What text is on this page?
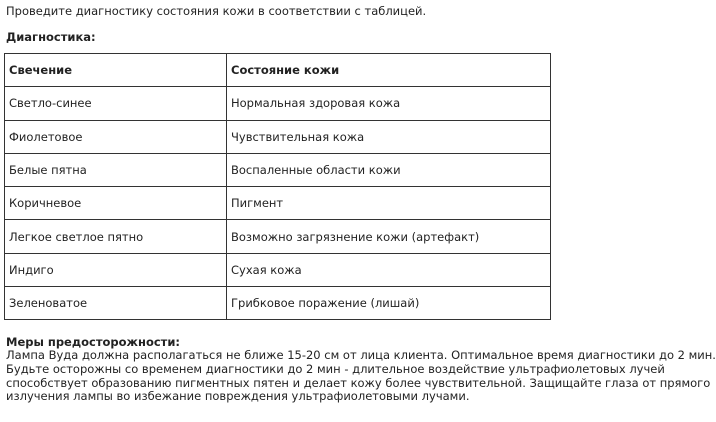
Проведите диагностику состояния кожи в соответствии с таблицей.
Диагностика:
Свечение	Состояние кожи
Светло-синее	Нормальная здоровая кожа
Фиолетовое	Чувствительная кожа
Белые пятна	Воспаленные области кожи
Коричневое	Пигмент
Легкое светлое пятно	Возможно загрязнение кожи (артефакт)
Индиго	Сухая кожа
Зеленоватое	Грибковое поражение (лишай)
Меры предосторожности:
Лампа Вуда должна располагаться не ближе 15-20 см от лица клиента. Оптимальное время диагностики до 2 мин.
Будьте осторожны со временем диагностики до 2 мин - длительное воздействие ультрафиолетовых лучей
способствует образованию пигментных пятен и делает кожу более чувствительной. Защищайте глаза от прямого
излучения лампы во избежание повреждения ультрафиолетовыми лучами.
